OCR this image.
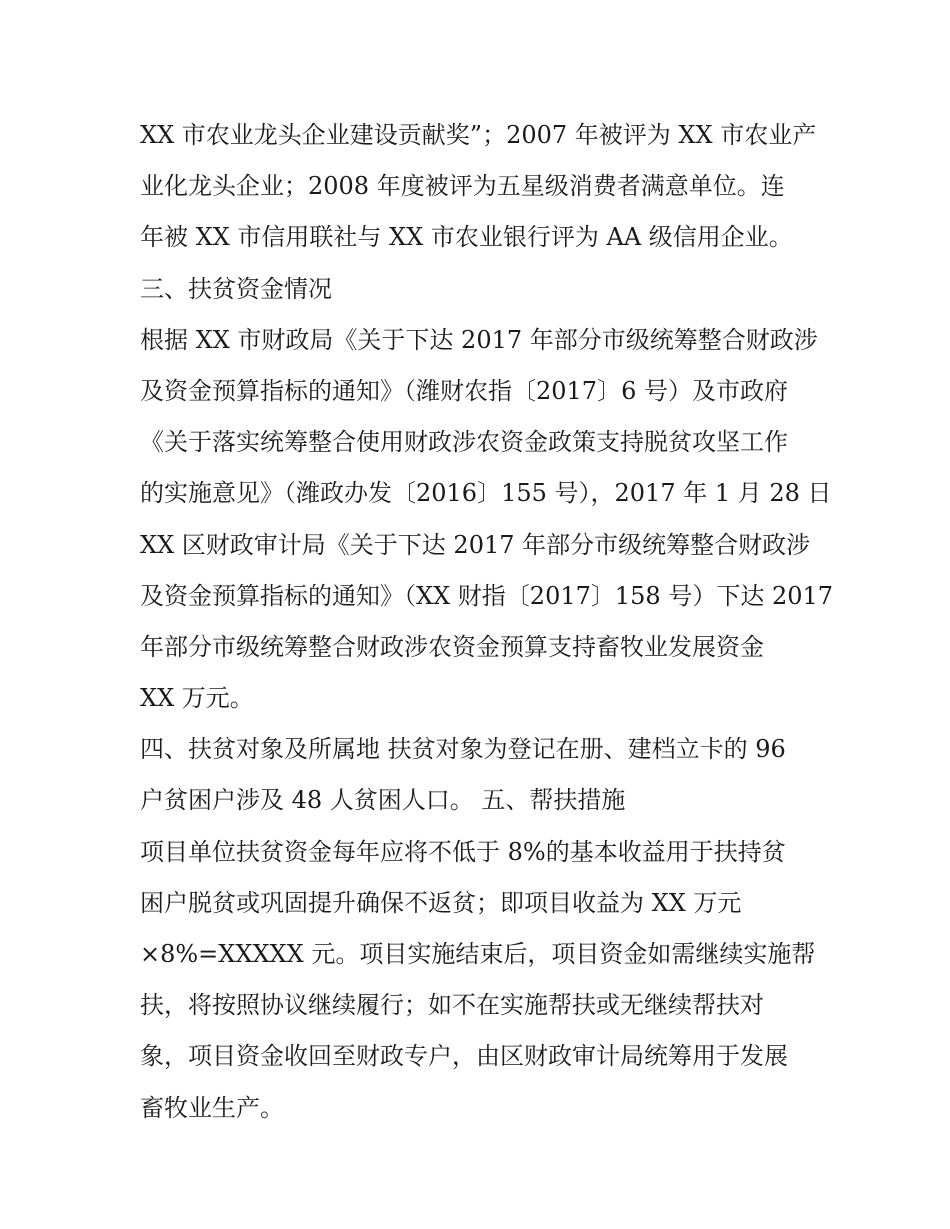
XX 市农业龙头企业建设贡献奖”；2007 年被评为 XX 市农业产
业化龙头企业；2008 年度被评为五星级消费者满意单位。连
年被 XX 市信用联社与 XX 市农业银行评为 AA 级信用企业。
三、扶贫资金情况
根据 XX 市财政局《关于下达 2017 年部分市级统筹整合财政涉
及资金预算指标的通知》（潍财农指〔2017〕6 号）及市政府
《关于落实统筹整合使用财政涉农资金政策支持脱贫攻坚工作
的实施意见》（潍政办发〔2016〕155 号），2017 年 1 月 28 日
XX 区财政审计局《关于下达 2017 年部分市级统筹整合财政涉
及资金预算指标的通知》（XX 财指〔2017〕158 号）下达 2017
年部分市级统筹整合财政涉农资金预算支持畜牧业发展资金
XX 万元。
四、扶贫对象及所属地 扶贫对象为登记在册、建档立卡的 96
户贫困户涉及 48 人贫困人口。 五、帮扶措施
项目单位扶贫资金每年应将不低于 8%的基本收益用于扶持贫
困户脱贫或巩固提升确保不返贫；即项目收益为 XX 万元
×8%=XXXXX 元。项目实施结束后，项目资金如需继续实施帮
扶，将按照协议继续履行；如不在实施帮扶或无继续帮扶对
象，项目资金收回至财政专户，由区财政审计局统筹用于发展
畜牧业生产。
